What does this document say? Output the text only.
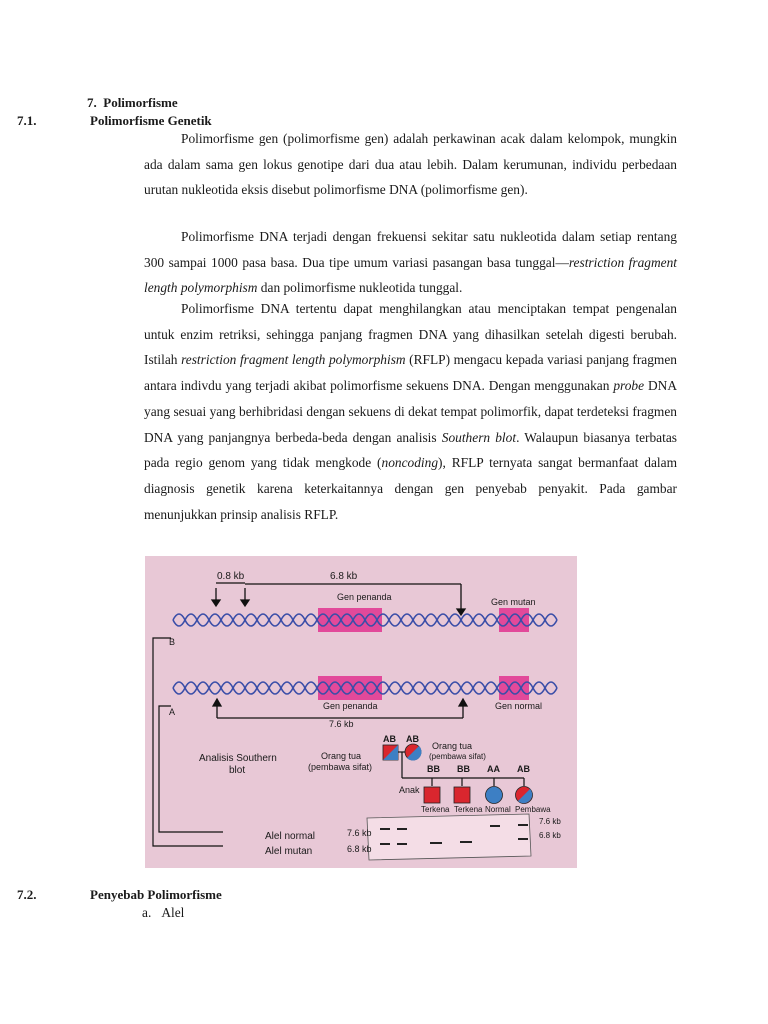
7. Polimorfisme
7.1.	Polimorfisme Genetik

Polimorfisme gen (polimorfisme gen) adalah perkawinan acak dalam kelompok, mungkin ada dalam sama gen lokus genotipe dari dua atau lebih. Dalam kerumunan, individu perbedaan urutan nukleotida eksis disebut polimorfisme DNA (polimorfisme gen).

Polimorfisme DNA terjadi dengan frekuensi sekitar satu nukleotida dalam setiap rentang 300 sampai 1000 pasa basa. Dua tipe umum variasi pasangan basa tunggal—restriction fragment length polymorphism dan polimorfisme nukleotida tunggal.

Polimorfisme DNA tertentu dapat menghilangkan atau menciptakan tempat pengenalan untuk enzim retriksi, sehingga panjang fragmen DNA yang dihasilkan setelah digesti berubah. Istilah restriction fragment length polymorphism (RFLP) mengacu kepada variasi panjang fragmen antara indivdu yang terjadi akibat polimorfisme sekuens DNA. Dengan menggunakan probe DNA yang sesuai yang berhibridasi dengan sekuens di dekat tempat polimorfik, dapat terdeteksi fragmen DNA yang panjangnya berbeda-beda dengan analisis Southern blot. Walaupun biasanya terbatas pada regio genom yang tidak mengkode (noncoding), RFLP ternyata sangat bermanfaat dalam diagnosis genetik karena keterkaitannya dengan gen penyebab penyakit. Pada gambar menunjukkan prinsip analisis RFLP.

0.8 kb	6.8 kb
Gen penanda	Gen mutan
B
A
Gen penanda	Gen normal
7.6 kb
Analisis Southern
blot
Orang tua
(pembawa sifat)
Orang tua
(pembawa sifat)
AB AB
BB BB AA AB
Anak
Terkena Terkena Normal Pembawa
Alel normal
Alel mutan
7.6 kb
6.8 kb
7.6 kb
6.8 kb
7.2.	Penyebab Polimorfisme
a. Alel
